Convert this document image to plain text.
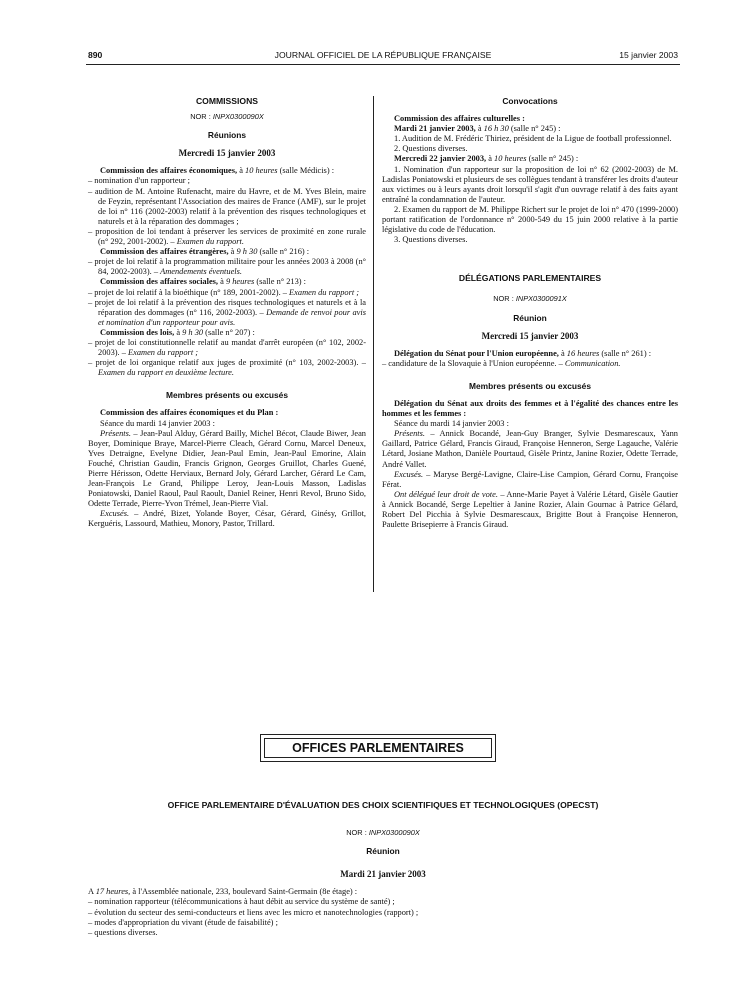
890	JOURNAL OFFICIEL DE LA RÉPUBLIQUE FRANÇAISE	15 janvier 2003
COMMISSIONS
NOR : INPX0300090X
Réunions
Mercredi 15 janvier 2003

Commission des affaires économiques, à 10 heures (salle Médicis) :

– nomination d'un rapporteur ;

– audition de M. Antoine Rufenacht, maire du Havre, et de M. Yves Blein, maire de Feyzin, représentant l'Association des maires de France (AMF), sur le projet de loi n° 116 (2002-2003) relatif à la prévention des risques technologiques et naturels et à la réparation des dommages ;

– proposition de loi tendant à préserver les services de proximité en zone rurale (n° 292, 2001-2002). – Examen du rapport.

Commission des affaires étrangères, à 9 h 30 (salle n° 216) :

– projet de loi relatif à la programmation militaire pour les années 2003 à 2008 (n° 84, 2002-2003). – Amendements éventuels.

Commission des affaires sociales, à 9 heures (salle n° 213) :

– projet de loi relatif à la bioéthique (n° 189, 2001-2002). – Examen du rapport ;

– projet de loi relatif à la prévention des risques technologiques et naturels et à la réparation des dommages (n° 116, 2002-2003). – Demande de renvoi pour avis et nomination d'un rapporteur pour avis.

Commission des lois, à 9 h 30 (salle n° 207) :

– projet de loi constitutionnelle relatif au mandat d'arrêt européen (n° 102, 2002-2003). – Examen du rapport ;

– projet de loi organique relatif aux juges de proximité (n° 103, 2002-2003). – Examen du rapport en deuxième lecture.

Membres présents ou excusés

Commission des affaires économiques et du Plan :

Séance du mardi 14 janvier 2003 :

Présents. – Jean-Paul Alduy, Gérard Bailly, Michel Bécot, Claude Biwer, Jean Boyer, Dominique Braye, Marcel-Pierre Cleach, Gérard Cornu, Marcel Deneux, Yves Detraigne, Evelyne Didier, Jean-Paul Emin, Jean-Paul Emorine, Alain Fouché, Christian Gaudin, Francis Grignon, Georges Gruillot, Charles Guené, Pierre Hérisson, Odette Herviaux, Bernard Joly, Gérard Larcher, Gérard Le Cam, Jean-François Le Grand, Philippe Leroy, Jean-Louis Masson, Ladislas Poniatowski, Daniel Raoul, Paul Raoult, Daniel Reiner, Henri Revol, Bruno Sido, Odette Terrade, Pierre-Yvon Trémel, Jean-Pierre Vial.

Excusés. – André, Bizet, Yolande Boyer, César, Gérard, Ginésy, Grillot, Kerguéris, Lassourd, Mathieu, Monory, Pastor, Trillard.

Convocations

Commission des affaires culturelles :

Mardi 21 janvier 2003, à 16 h 30 (salle n° 245) :

1. Audition de M. Frédéric Thiriez, président de la Ligue de football professionnel.

2. Questions diverses.

Mercredi 22 janvier 2003, à 10 heures (salle n° 245) :

1. Nomination d'un rapporteur sur la proposition de loi n° 62 (2002-2003) de M. Ladislas Poniatowski et plusieurs de ses collègues tendant à transférer les droits d'auteur aux victimes ou à leurs ayants droit lorsqu'il s'agit d'un ouvrage relatif à des faits ayant entraîné la condamnation de l'auteur.

2. Examen du rapport de M. Philippe Richert sur le projet de loi n° 470 (1999-2000) portant ratification de l'ordonnance n° 2000-549 du 15 juin 2000 relative à la partie législative du code de l'éducation.

3. Questions diverses.

DÉLÉGATIONS PARLEMENTAIRES
NOR : INPX0300091X
Réunion
Mercredi 15 janvier 2003

Délégation du Sénat pour l'Union européenne, à 16 heures (salle n° 261) :

– candidature de la Slovaquie à l'Union européenne. – Communication.

Membres présents ou excusés

Délégation du Sénat aux droits des femmes et à l'égalité des chances entre les hommes et les femmes :

Séance du mardi 14 janvier 2003 :

Présents. – Annick Bocandé, Jean-Guy Branger, Sylvie Desmarescaux, Yann Gaillard, Patrice Gélard, Francis Giraud, Françoise Henneron, Serge Lagauche, Valérie Létard, Josiane Mathon, Danièle Pourtaud, Gisèle Printz, Janine Rozier, Odette Terrade, André Vallet.

Excusés. – Maryse Bergé-Lavigne, Claire-Lise Campion, Gérard Cornu, Françoise Férat.

Ont délégué leur droit de vote. – Anne-Marie Payet à Valérie Létard, Gisèle Gautier à Annick Bocandé, Serge Lepeltier à Janine Rozier, Alain Gournac à Patrice Gélard, Robert Del Picchia à Sylvie Desmarescaux, Brigitte Bout à Françoise Henneron, Paulette Brisepierre à Francis Giraud.

OFFICES PARLEMENTAIRES
OFFICE PARLEMENTAIRE D'ÉVALUATION DES CHOIX SCIENTIFIQUES ET TECHNOLOGIQUES (OPECST)
NOR : INPX0300090X
Réunion
Mardi 21 janvier 2003

A 17 heures, à l'Assemblée nationale, 233, boulevard Saint-Germain (8e étage) :

– nomination rapporteur (télécommunications à haut débit au service du système de santé) ;

– évolution du secteur des semi-conducteurs et liens avec les micro et nanotechnologies (rapport) ;

– modes d'appropriation du vivant (étude de faisabilité) ;

– questions diverses.
